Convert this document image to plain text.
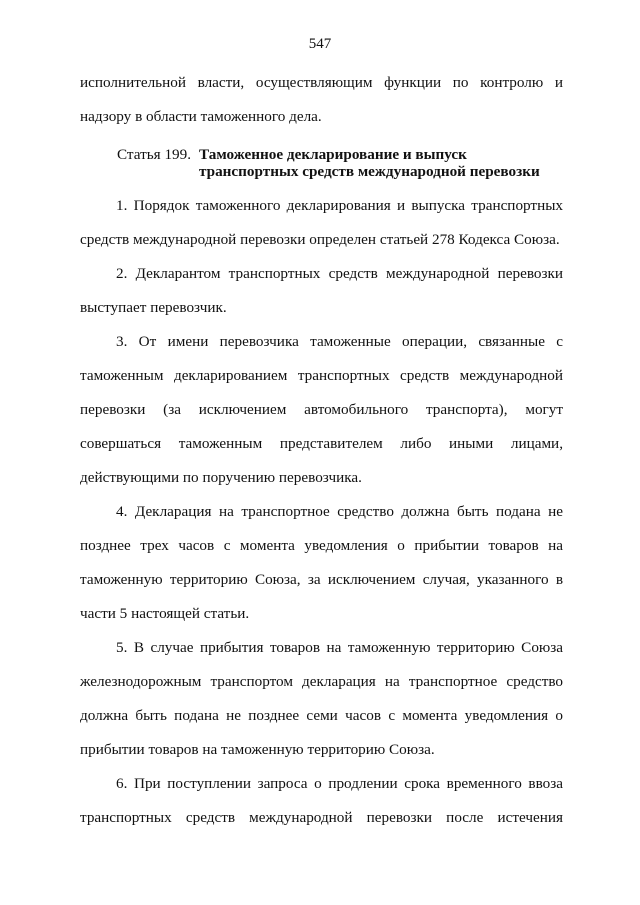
547
исполнительной власти, осуществляющим функции по контролю и
надзору в области таможенного дела.
Статья 199. Таможенное декларирование и выпуск
транспортных средств международной перевозки
1. Порядок таможенного декларирования и выпуска транспортных
средств международной перевозки определен статьей 278 Кодекса Союза.
2. Декларантом транспортных средств международной перевозки
выступает перевозчик.
3. От имени перевозчика таможенные операции, связанные с
таможенным декларированием транспортных средств международной
перевозки (за исключением автомобильного транспорта), могут
совершаться таможенным представителем либо иными лицами,
действующими по поручению перевозчика.
4. Декларация на транспортное средство должна быть подана не
позднее трех часов с момента уведомления о прибытии товаров на
таможенную территорию Союза, за исключением случая, указанного в
части 5 настоящей статьи.
5. В случае прибытия товаров на таможенную территорию Союза
железнодорожным транспортом декларация на транспортное средство
должна быть подана не позднее семи часов с момента уведомления о
прибытии товаров на таможенную территорию Союза.
6. При поступлении запроса о продлении срока временного ввоза
транспортных средств международной перевозки после истечения
